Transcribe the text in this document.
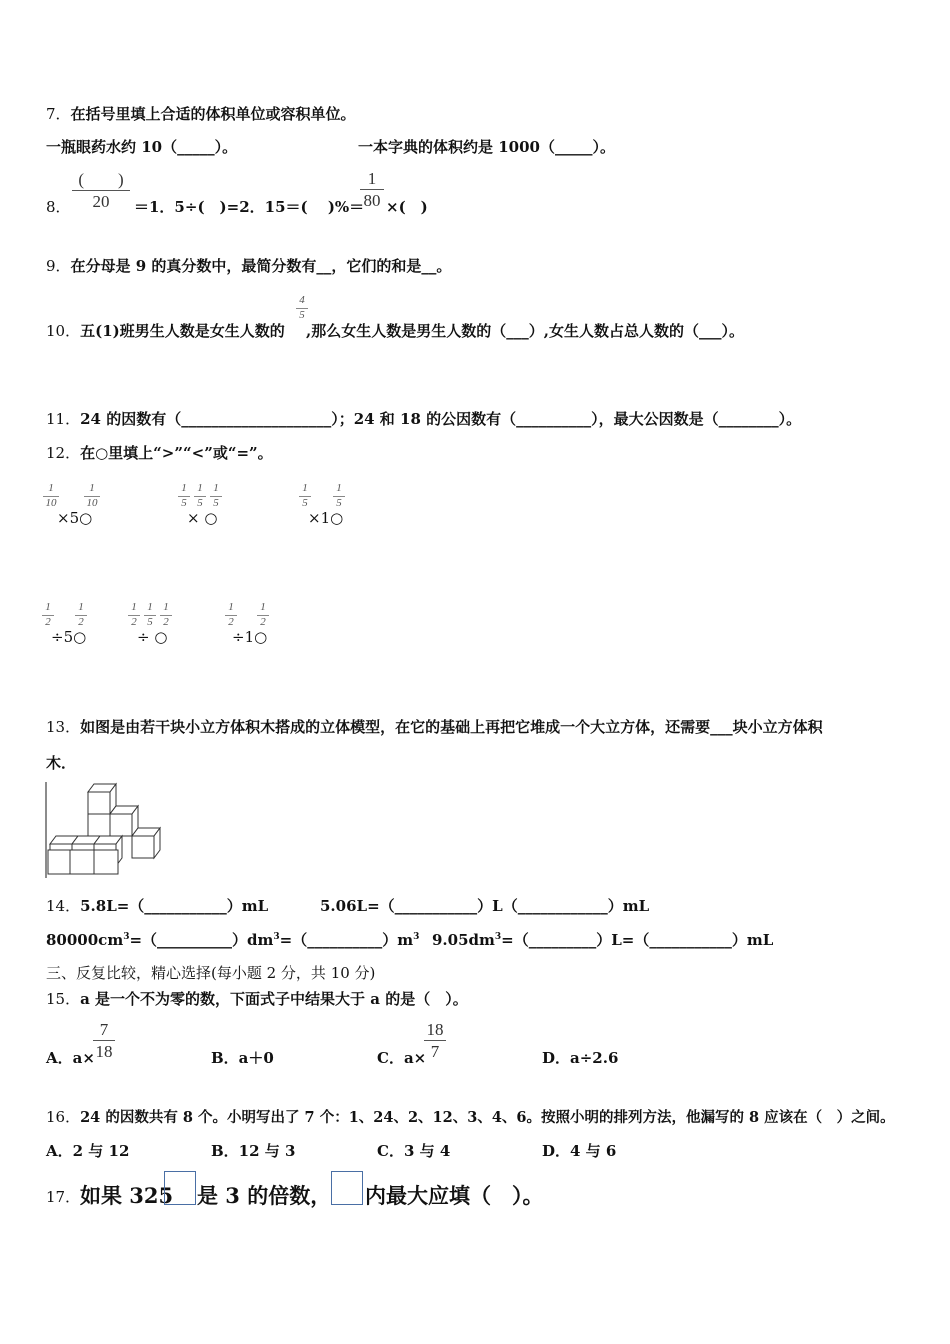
7．在括号里填上合适的体积单位或容积单位。
一瓶眼药水约 10（_____）。	一本字典的体积约是 1000（_____）。
8．
(　　)
20	＝1．5÷(　)=2．15＝(　 )%＝
1
80 ×(　)
9．在分母是 9 的真分数中，最简分数有__，它们的和是__。
10．五(1)班男生人数是女生人数的
4
5
,那么女生人数是男生人数的（___）,女生人数占总人数的（___）。
11．24 的因数有（____________________）；24 和 18 的公因数有（__________），最大公因数是（________）。
12．在○里填上“>”“<”或“=”。
1
10
1
10
×5○
1
5
1
5
1
5
× ○
1
5
1
5
×1○
1
2
1
2
÷5○
1
2
1
5
1
2
÷ ○
1
2
1
2
÷1○
13．如图是由若干块小立方体积木搭成的立体模型，在它的基础上再把它堆成一个大立方体，还需要___块小立方体积
木．
14．5.8L=（___________）mL	5.06L=（___________）L（____________）mL
$80000cm^3=(\_\_\_\_\_\_\_\_\_\_)dm^3=(\_\_\_\_\_\_\_\_\_\_)m^3$ $9.05dm^3=(\_\_\_\_\_\_\_\_\_)L=(\_\_\_\_\_\_\_\_\_\_\_)mL$
三、反复比较，精心选择(每小题 2 分，共 10 分)
15．a 是一个不为零的数，下面式子中结果大于 a 的是（　）。
A．a×
7
18	B．a＋0	C．a×
18
7	D．a÷2.6
16．24 的因数共有 8 个。小明写出了 7 个：1、24、2、12、3、4、6。按照小明的排列方法，他漏写的 8 应该在（　）之间。
A．2 与 12	B．12 与 3	C．3 与 4	D．4 与 6
17． 如果 325 是 3 的倍数， 内最大应填（　）。
